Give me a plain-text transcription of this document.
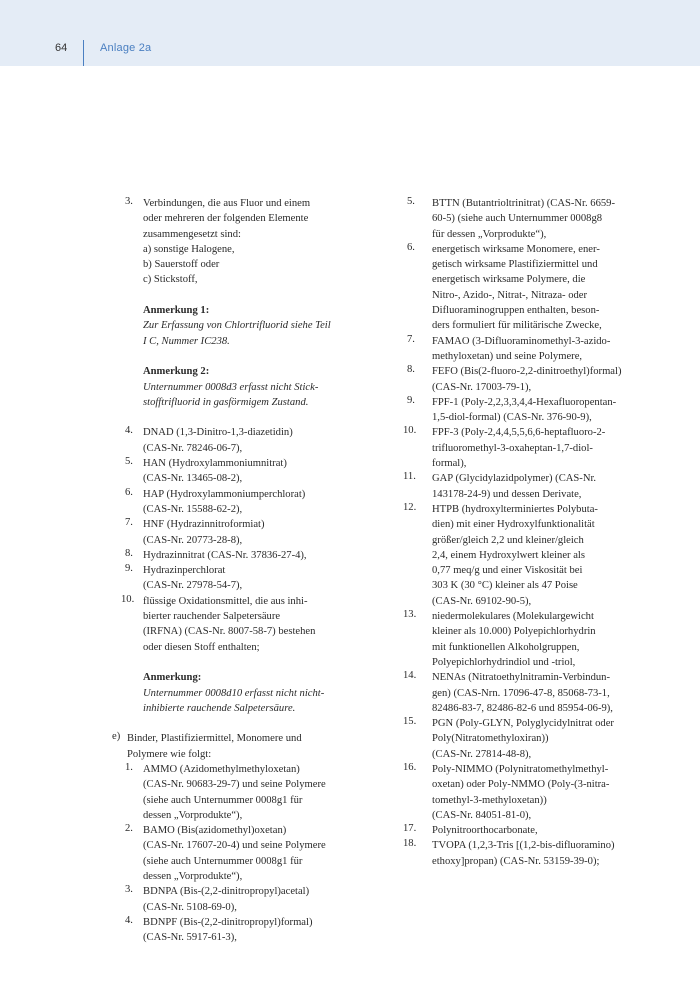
64	Anlage 2a
3. Verbindungen, die aus Fluor und einem
oder mehreren der folgenden Elemente
zusammengesetzt sind:
a) sonstige Halogene,
b) Sauerstoff oder
c) Stickstoff,
Anmerkung 1:
Zur Erfassung von Chlortrifluorid siehe Teil
I C, Nummer IC238.
Anmerkung 2:
Unternummer 0008d3 erfasst nicht Stick-
stofftrifluorid in gasförmigem Zustand.
4. DNAD (1,3-Dinitro-1,3-diazetidin)
(CAS-Nr. 78246-06-7),
5. HAN (Hydroxylammoniumnitrat)
(CAS-Nr. 13465-08-2),
6. HAP (Hydroxylammoniumperchlorat)
(CAS-Nr. 15588-62-2),
7. HNF (Hydrazinnitroformiat)
(CAS-Nr. 20773-28-8),
8. Hydrazinnitrat (CAS-Nr. 37836-27-4),
9. Hydrazinperchlorat
(CAS-Nr. 27978-54-7),
10. flüssige Oxidationsmittel, die aus inhi-
bierter rauchender Salpetersäure
(IRFNA) (CAS-Nr. 8007-58-7) bestehen
oder diesen Stoff enthalten;
Anmerkung:
Unternummer 0008d10 erfasst nicht nicht-
inhibierte rauchende Salpetersäure.
e) Binder, Plastifiziermittel, Monomere und
Polymere wie folgt:
1. AMMO (Azidomethylmethyloxetan)
(CAS-Nr. 90683-29-7) und seine Polymere
(siehe auch Unternummer 0008g1 für
dessen „Vorprodukte“),
2. BAMO (Bis(azidomethyl)oxetan)
(CAS-Nr. 17607-20-4) und seine Polymere
(siehe auch Unternummer 0008g1 für
dessen „Vorprodukte“),
3. BDNPA (Bis-(2,2-dinitropropyl)acetal)
(CAS-Nr. 5108-69-0),
4. BDNPF (Bis-(2,2-dinitropropyl)formal)
(CAS-Nr. 5917-61-3),
5. BTTN (Butantrioltrinitrat) (CAS-Nr. 6659-
60-5) (siehe auch Unternummer 0008g8
für dessen „Vorprodukte“),
6. energetisch wirksame Monomere, ener-
getisch wirksame Plastifiziermittel und
energetisch wirksame Polymere, die
Nitro-, Azido-, Nitrat-, Nitraza- oder
Difluoraminogruppen enthalten, beson-
ders formuliert für militärische Zwecke,
7. FAMAO (3-Difluoraminomethyl-3-azido-
methyloxetan) und seine Polymere,
8. FEFO (Bis(2-fluoro-2,2-dinitroethyl)formal)
(CAS-Nr. 17003-79-1),
9. FPF-1 (Poly-2,2,3,3,4,4-Hexafluoropentan-
1,5-diol-formal) (CAS-Nr. 376-90-9),
10. FPF-3 (Poly-2,4,4,5,5,6,6-heptafluoro-2-
trifluoromethyl-3-oxaheptan-1,7-diol-
formal),
11. GAP (Glycidylazidpolymer) (CAS-Nr.
143178-24-9) und dessen Derivate,
12. HTPB (hydroxylterminiertes Polybuta-
dien) mit einer Hydroxylfunktionalität
größer/gleich 2,2 und kleiner/gleich
2,4, einem Hydroxylwert kleiner als
0,77 meq/g und einer Viskosität bei
303 K (30 °C) kleiner als 47 Poise
(CAS-Nr. 69102-90-5),
13. niedermolekulares (Molekulargewicht
kleiner als 10.000) Polyepichlorhydrin
mit funktionellen Alkoholgruppen,
Polyepichlorhydrindiol und -triol,
14. NENAs (Nitratoethylnitramin-Verbindun-
gen) (CAS-Nrn. 17096-47-8, 85068-73-1,
82486-83-7, 82486-82-6 und 85954-06-9),
15. PGN (Poly-GLYN, Polyglycidylnitrat oder
Poly(Nitratomethyloxiran))
(CAS-Nr. 27814-48-8),
16. Poly-NIMMO (Polynitratomethylmethyl-
oxetan) oder Poly-NMMO (Poly-(3-nitra-
tomethyl-3-methyloxetan))
(CAS-Nr. 84051-81-0),
17. Polynitroorthocarbonate,
18. TVOPA (1,2,3-Tris [(1,2-bis-difluoramino)
ethoxy]propan) (CAS-Nr. 53159-39-0);
